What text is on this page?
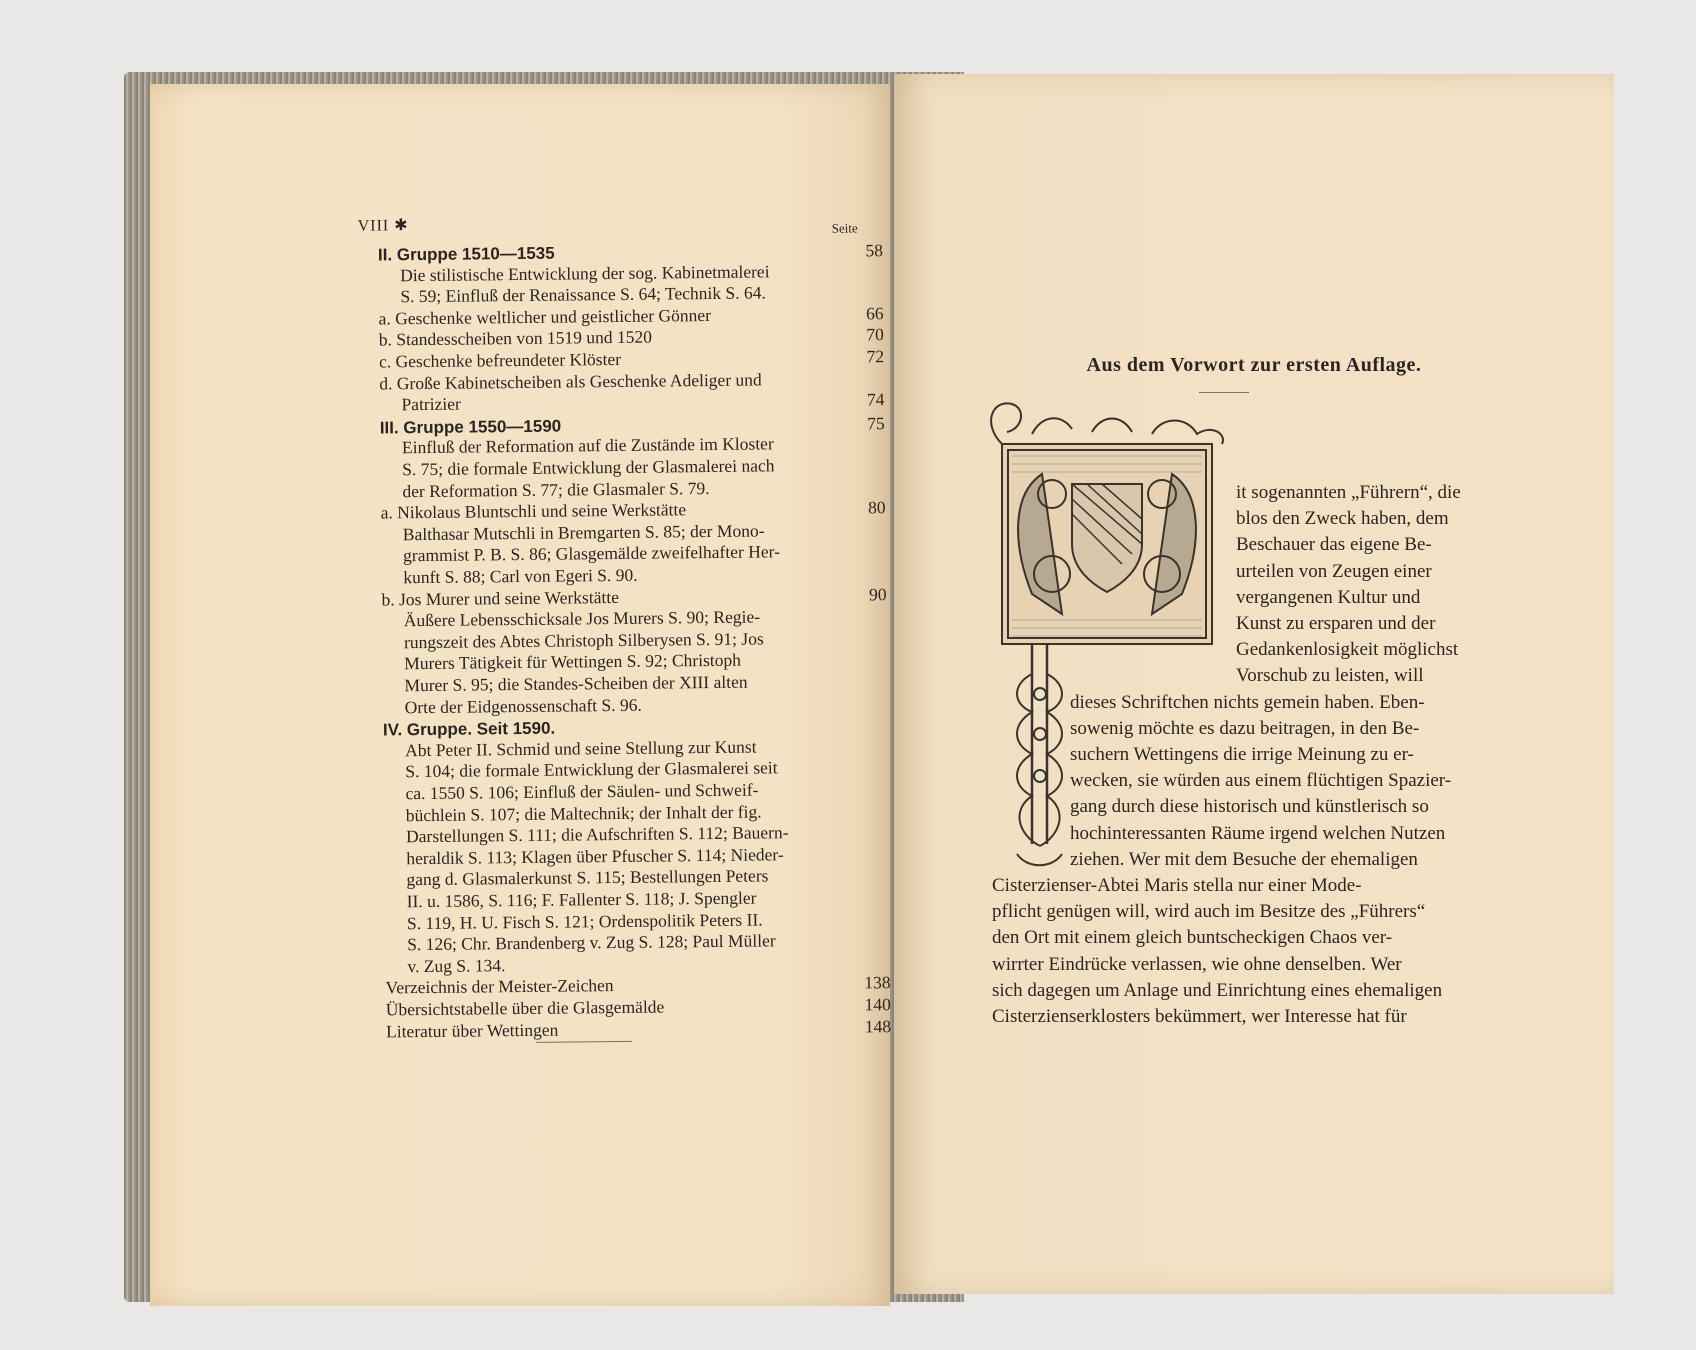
VIII ✱	Seite
II. Gruppe 1510—1535	58
Die stilistische Entwicklung der sog. Kabinetmalerei
S. 59; Einfluß der Renaissance S. 64; Technik S. 64.
a. Geschenke weltlicher und geistlicher Gönner	66
b. Standesscheiben von 1519 und 1520	70
c. Geschenke befreundeter Klöster	72
d. Große Kabinetscheiben als Geschenke Adeliger und
Patrizier	74
III. Gruppe 1550—1590	75
Einfluß der Reformation auf die Zustände im Kloster
S. 75; die formale Entwicklung der Glasmalerei nach
der Reformation S. 77; die Glasmaler S. 79.
a. Nikolaus Bluntschli und seine Werkstätte	80
Balthasar Mutschli in Bremgarten S. 85; der Mono-
grammist P. B. S. 86; Glasgemälde zweifelhafter Her-
kunft S. 88; Carl von Egeri S. 90.
b. Jos Murer und seine Werkstätte	90
Äußere Lebensschicksale Jos Murers S. 90; Regie-
rungszeit des Abtes Christoph Silberysen S. 91; Jos
Murers Tätigkeit für Wettingen S. 92; Christoph
Murer S. 95; die Standes-Scheiben der XIII alten
Orte der Eidgenossenschaft S. 96.
IV. Gruppe. Seit 1590.
Abt Peter II. Schmid und seine Stellung zur Kunst
S. 104; die formale Entwicklung der Glasmalerei seit
ca. 1550 S. 106; Einfluß der Säulen- und Schweif-
büchlein S. 107; die Maltechnik; der Inhalt der fig.
Darstellungen S. 111; die Aufschriften S. 112; Bauern-
heraldik S. 113; Klagen über Pfuscher S. 114; Nieder-
gang d. Glasmalerkunst S. 115; Bestellungen Peters
II. u. 1586, S. 116; F. Fallenter S. 118; J. Spengler
S. 119, H. U. Fisch S. 121; Ordenspolitik Peters II.
S. 126; Chr. Brandenberg v. Zug S. 128; Paul Müller
v. Zug S. 134.
Verzeichnis der Meister-Zeichen	138
Übersichtstabelle über die Glasgemälde	140
Literatur über Wettingen	148
Aus dem Vorwort zur ersten Auflage.
it sogenannten „Führern“, die
blos den Zweck haben, dem
Beschauer das eigene Be-
urteilen von Zeugen einer
vergangenen Kultur und
Kunst zu ersparen und der
Gedankenlosigkeit möglichst
Vorschub zu leisten, will
dieses Schriftchen nichts gemein haben. Eben-
sowenig möchte es dazu beitragen, in den Be-
suchern Wettingens die irrige Meinung zu er-
wecken, sie würden aus einem flüchtigen Spazier-
gang durch diese historisch und künstlerisch so
hochinteressanten Räume irgend welchen Nutzen
ziehen. Wer mit dem Besuche der ehemaligen
Cisterzienser-Abtei Maris stella nur einer Mode-
pflicht genügen will, wird auch im Besitze des „Führers“
den Ort mit einem gleich buntscheckigen Chaos ver-
wirrter Eindrücke verlassen, wie ohne denselben. Wer
sich dagegen um Anlage und Einrichtung eines ehemaligen
Cisterzienserklosters bekümmert, wer Interesse hat für
